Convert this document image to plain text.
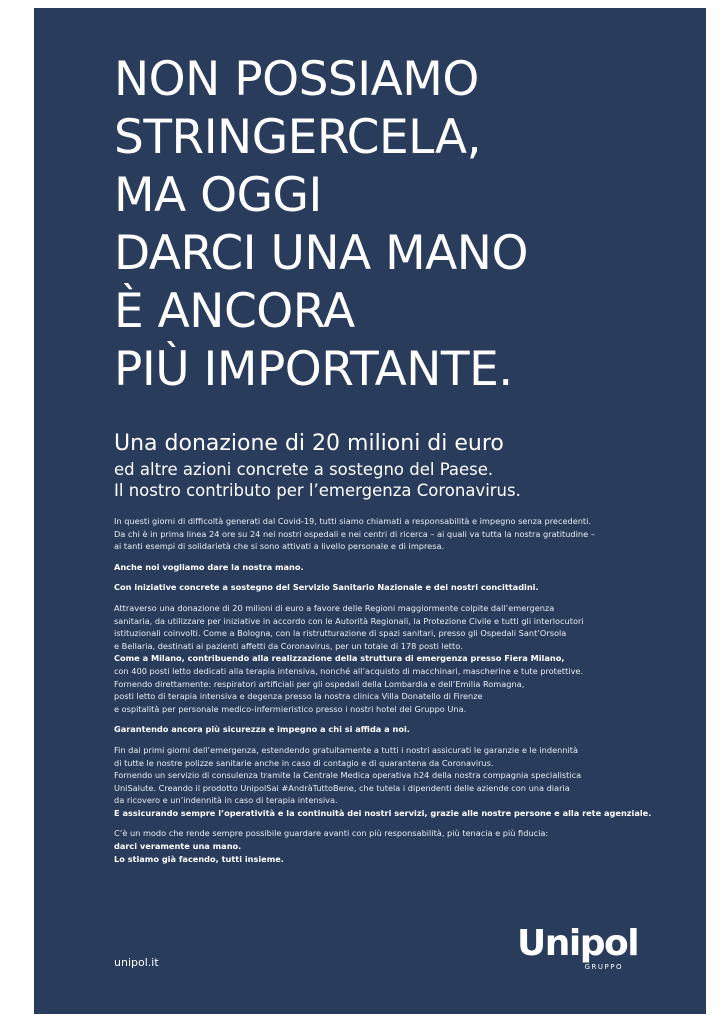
NON POSSIAMO
STRINGERCELA,
MA OGGI
DARCI UNA MANO
È ANCORA
PIÙ IMPORTANTE.
Una donazione di 20 milioni di euro
ed altre azioni concrete a sostegno del Paese.
Il nostro contributo per l’emergenza Coronavirus.

In questi giorni di difficoltà generati dal Covid-19, tutti siamo chiamati a responsabilità e impegno senza precedenti.
Da chi è in prima linea 24 ore su 24 nei nostri ospedali e nei centri di ricerca – ai quali va tutta la nostra gratitudine –
ai tanti esempi di solidarietà che si sono attivati a livello personale e di impresa.

Anche noi vogliamo dare la nostra mano.

Con iniziative concrete a sostegno del Servizio Sanitario Nazionale e dei nostri concittadini.

Attraverso una donazione di 20 milioni di euro a favore delle Regioni maggiormente colpite dall’emergenza
sanitaria, da utilizzare per iniziative in accordo con le Autorità Regionali, la Protezione Civile e tutti gli interlocutori
istituzionali coinvolti. Come a Bologna, con la ristrutturazione di spazi sanitari, presso gli Ospedali Sant’Orsola
e Bellaria, destinati ai pazienti affetti da Coronavirus, per un totale di 178 posti letto.
Come a Milano, contribuendo alla realizzazione della struttura di emergenza presso Fiera Milano,
con 400 posti letto dedicati alla terapia intensiva, nonché all’acquisto di macchinari, mascherine e tute protettive.
Fornendo direttamente: respiratori artificiali per gli ospedali della Lombardia e dell’Emilia Romagna,
posti letto di terapia intensiva e degenza presso la nostra clinica Villa Donatello di Firenze
e ospitalità per personale medico-infermieristico presso i nostri hotel del Gruppo Una.

Garantendo ancora più sicurezza e impegno a chi si affida a noi.

Fin dai primi giorni dell’emergenza, estendendo gratuitamente a tutti i nostri assicurati le garanzie e le indennità
di tutte le nostre polizze sanitarie anche in caso di contagio e di quarantena da Coronavirus.
Fornendo un servizio di consulenza tramite la Centrale Medica operativa h24 della nostra compagnia specialistica
UniSalute. Creando il prodotto UnipolSai #AndràTuttoBene, che tutela i dipendenti delle aziende con una diaria
da ricovero e un’indennità in caso di terapia intensiva.
E assicurando sempre l’operatività e la continuità dei nostri servizi, grazie alle nostre persone e alla rete agenziale.

C’è un modo che rende sempre possibile guardare avanti con più responsabilità, più tenacia e più fiducia:
darci veramente una mano.
Lo stiamo già facendo, tutti insieme.

unipol.it	Unipol
GRUPPO
